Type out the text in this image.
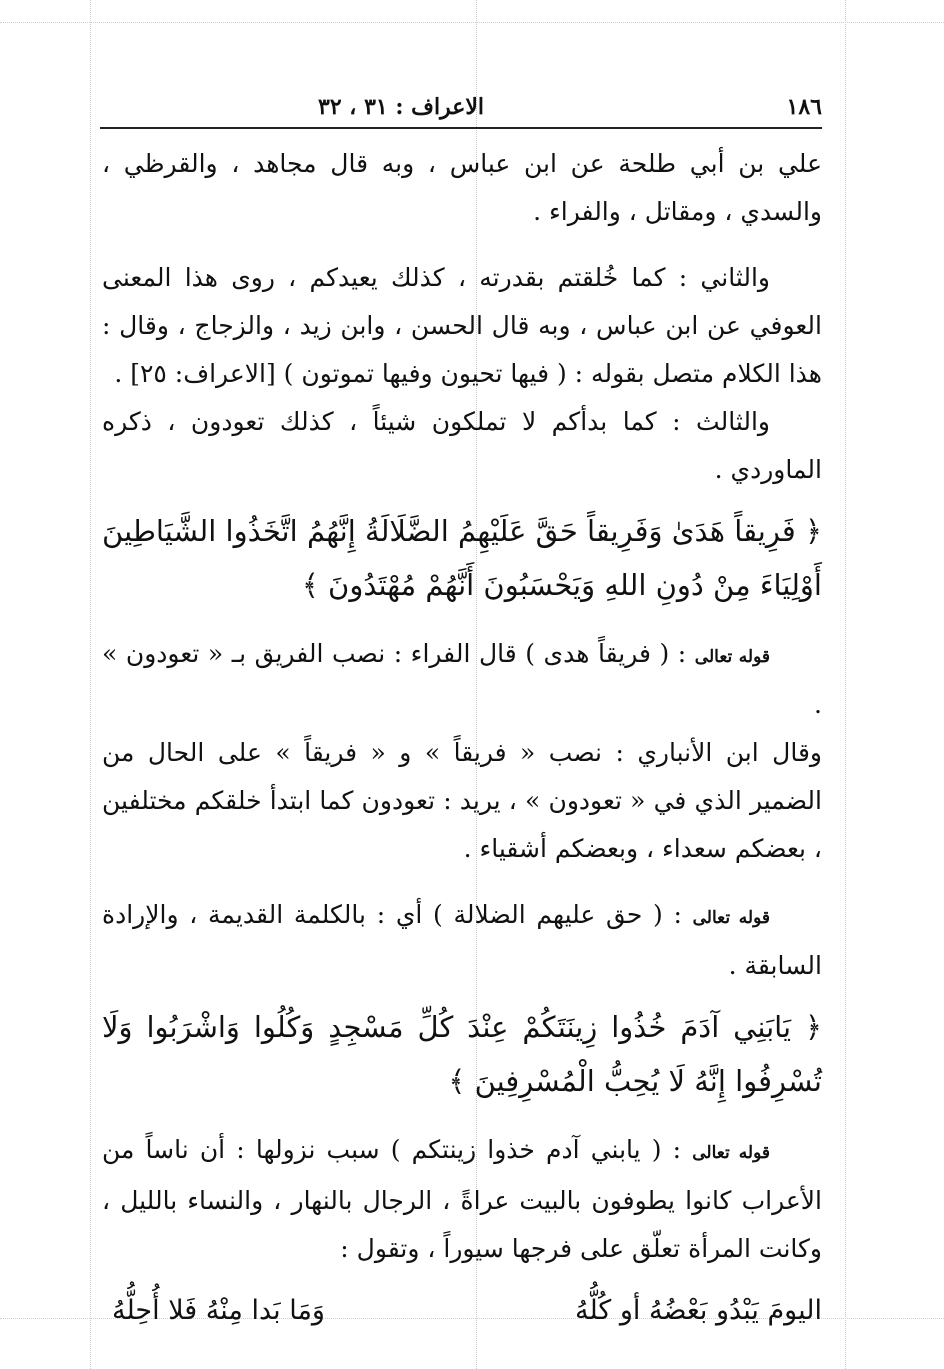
١٨٦
الاعراف : ٣١ ، ٣٢

علي بن أبي طلحة عن ابن عباس ، وبه قال مجاهد ، والقرظي ، والسدي ، ومقاتل ، والفراء .

والثاني : كما خُلقتم بقدرته ، كذلك يعيدكم ، روى هذا المعنى العوفي عن ابن عباس ، وبه قال الحسن ، وابن زيد ، والزجاج ، وقال : هذا الكلام متصل بقوله : ( فيها تحيون وفيها تموتون ) [الاعراف: ٢٥] .

والثالث : كما بدأكم لا تملكون شيئاً ، كذلك تعودون ، ذكره الماوردي .

﴿ فَرِيقاً هَدَىٰ وَفَرِيقاً حَقَّ عَلَيْهِمُ الضَّلَالَةُ إِنَّهُمُ اتَّخَذُوا الشَّيَاطِينَ أَوْلِيَاءَ مِنْ دُونِ اللهِ وَيَحْسَبُونَ أَنَّهُمْ مُهْتَدُونَ ﴾

قوله تعالى : ( فريقاً هدى ) قال الفراء : نصب الفريق بـ « تعودون » .

وقال ابن الأنباري : نصب « فريقاً » و « فريقاً » على الحال من الضمير الذي في « تعودون » ، يريد : تعودون كما ابتدأ خلقكم مختلفين ، بعضكم سعداء ، وبعضكم أشقياء .

قوله تعالى : ( حق عليهم الضلالة ) أي : بالكلمة القديمة ، والإرادة السابقة .

﴿ يَابَنِي آدَمَ خُذُوا زِينَتَكُمْ عِنْدَ كُلِّ مَسْجِدٍ وَكُلُوا وَاشْرَبُوا وَلَا تُسْرِفُوا إِنَّهُ لَا يُحِبُّ الْمُسْرِفِينَ ﴾

قوله تعالى : ( يابني آدم خذوا زينتكم ) سبب نزولها : أن ناساً من الأعراب كانوا يطوفون بالبيت عراةً ، الرجال بالنهار ، والنساء بالليل ، وكانت المرأة تعلّق على فرجها سيوراً ، وتقول :

اليومَ يَبْدُو بَعْضُهُ أو كُلُّهُ
وَمَا بَدا مِنْهُ فَلا أُحِلُّهُ
